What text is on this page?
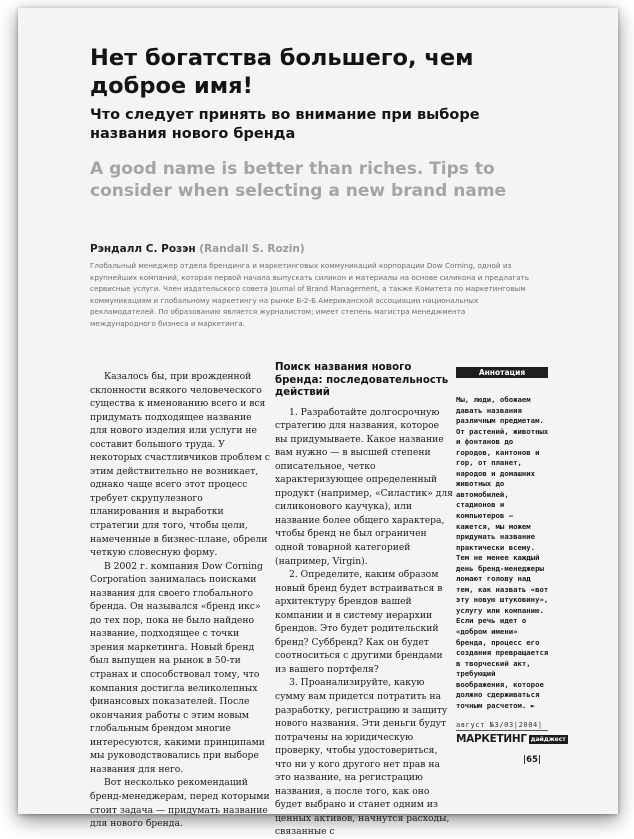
Нет богатства большего, чем доброе имя!
Что следует принять во внимание при выборе названия нового бренда
A good name is better than riches. Tips to consider when selecting a new brand name
Рэндалл С. Розэн (Randall S. Rozin)

Глобальный менеджер отдела брендинга и маркетинговых коммуникаций корпорации Dow Corning, одной из крупнейших компаний, которая первой начала выпускать силикон и материалы на основе силикона и предлагать сервисные услуги. Член издательского совета Journal of Brand Management, а также Комитета по маркетинговым коммуникациям и глобальному маркетингу на рынке Б-2-Б Американской ассоциации национальных рекламодателей. По образованию является журналистом; имеет степень магистра менеджмента международного бизнеса и маркетинга.

Казалось бы, при врожденной склонности всякого человеческого существа к именованию всего и вся придумать подходящее название для нового изделия или услуги не составит большого труда. У некоторых счастливчиков проблем с этим действительно не возникает, однако чаще всего этот процесс требует скрупулезного планирования и выработки стратегии для того, чтобы цели, намеченные в бизнес-плане, обрели четкую словесную форму.

В 2002 г. компания Dow Corning Corporation занималась поисками названия для своего глобального бренда. Он назывался «бренд икс» до тех пор, пока не было найдено название, подходящее с точки зрения маркетинга. Новый бренд был выпущен на рынок в 50-ти странах и способствовал тому, что компания достигла великолепных финансовых показателей. После окончания работы с этим новым глобальным брендом многие интересуются, какими принципами мы руководствовались при выборе названия для него.

Вот несколько рекомендаций бренд-менеджерам, перед которыми стоит задача — придумать название для нового бренда.

Поиск названия нового бренда: последовательность действий

1. Разработайте долгосрочную стратегию для названия, которое вы придумываете. Какое название вам нужно — в высшей степени описательное, четко характеризующее определенный продукт (например, «Силастик» для силиконового каучука), или название более общего характера, чтобы бренд не был ограничен одной товарной категорией (например, Virgin).

2. Определите, каким образом новый бренд будет встраиваться в архитектуру брендов вашей компании и в систему иерархии брендов. Это будет родительский бренд? Суббренд? Как он будет соотноситься с другими брендами из вашего портфеля?

3. Проанализируйте, какую сумму вам придется потратить на разработку, регистрацию и защиту нового названия. Эти деньги будут потрачены на юридическую проверку, чтобы удостовериться, что ни у кого другого нет прав на это название, на регистрацию названия, а после того, как оно будет выбрано и станет одним из ценных активов, начнутся расходы, связанные с

Аннотация

Мы, люди, обожаем давать названия различным предметам. От растений, животных и фонтанов до городов, кантонов и гор, от планет, народов и домашних животных до автомобилей, стадионов и компьютеров — кажется, мы можем придумать название практически всему. Тем не менее каждый день бренд-менеджеры ломают голову над тем, как назвать «вот эту новую штуковину», услугу или компанию. Если речь идет о «добром имени» бренда, процесс его создания превращается в творческий акт, требующий воображения, которое должно сдерживаться точным расчетом. ►

август №3/03|2004|
МАРКЕТИНГ дайджест
|65|
